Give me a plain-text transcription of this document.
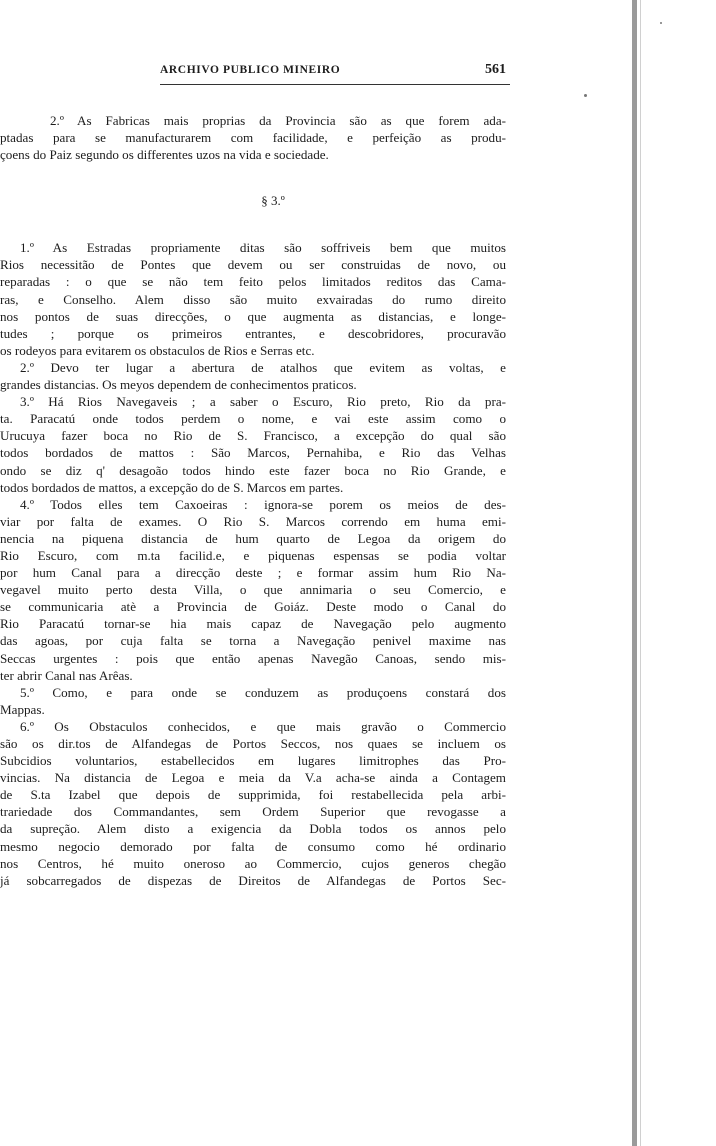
ARCHIVO PUBLICO MINEIRO	561
2.º As Fabricas mais proprias da Provincia são as que forem ada-
ptadas para se manufacturarem com facilidade, e perfeição as produ-
çoens do Paiz segundo os differentes uzos na vida e sociedade.
§ 3.º
1.º As Estradas propriamente ditas são soffriveis bem que muitos
Rios necessitão de Pontes que devem ou ser construidas de novo, ou
reparadas : o que se não tem feito pelos limitados reditos das Cama-
ras, e Conselho. Alem disso são muito exvairadas do rumo direito
nos pontos de suas direcções, o que augmenta as distancias, e longe-
tudes ; porque os primeiros entrantes, e descobridores, procuravão
os rodeyos para evitarem os obstaculos de Rios e Serras etc.
2.º Devo ter lugar a abertura de atalhos que evitem as voltas, e
grandes distancias. Os meyos dependem de conhecimentos praticos.
3.º Há Rios Navegaveis ; a saber o Escuro, Rio preto, Rio da pra-
ta. Paracatú onde todos perdem o nome, e vai este assim como o
Urucuya fazer boca no Rio de S. Francisco, a excepção do qual são
todos bordados de mattos : São Marcos, Pernahiba, e Rio das Velhas
ondo se diz q' desagoão todos hindo este fazer boca no Rio Grande, e
todos bordados de mattos, a excepção do de S. Marcos em partes.
4.º Todos elles tem Caxoeiras : ignora-se porem os meios de des-
viar por falta de exames. O Rio S. Marcos correndo em huma emi-
nencia na piquena distancia de hum quarto de Legoa da origem do
Rio Escuro, com m.ta facilid.e, e piquenas espensas se podia voltar
por hum Canal para a direcção deste ; e formar assim hum Rio Na-
vegavel muito perto desta Villa, o que annimaria o seu Comercio, e
se communicaria atè a Provincia de Goiáz. Deste modo o Canal do
Rio Paracatú tornar-se hia mais capaz de Navegação pelo augmento
das agoas, por cuja falta se torna a Navegação penivel maxime nas
Seccas urgentes : pois que então apenas Navegão Canoas, sendo mis-
ter abrir Canal nas Arêas.
5.º Como, e para onde se conduzem as produçoens constará dos
Mappas.
6.º Os Obstaculos conhecidos, e que mais gravão o Commercio
são os dir.tos de Alfandegas de Portos Seccos, nos quaes se incluem os
Subcidios voluntarios, estabellecidos em lugares limitrophes das Pro-
vincias. Na distancia de Legoa e meia da V.a acha-se ainda a Contagem
de S.ta Izabel que depois de supprimida, foi restabellecida pela arbi-
trariedade dos Commandantes, sem Ordem Superior que revogasse a
da supreção. Alem disto a exigencia da Dobla todos os annos pelo
mesmo negocio demorado por falta de consumo como hé ordinario
nos Centros, hé muito oneroso ao Commercio, cujos generos chegão
já sobcarregados de dispezas de Direitos de Alfandegas de Portos Sec-
